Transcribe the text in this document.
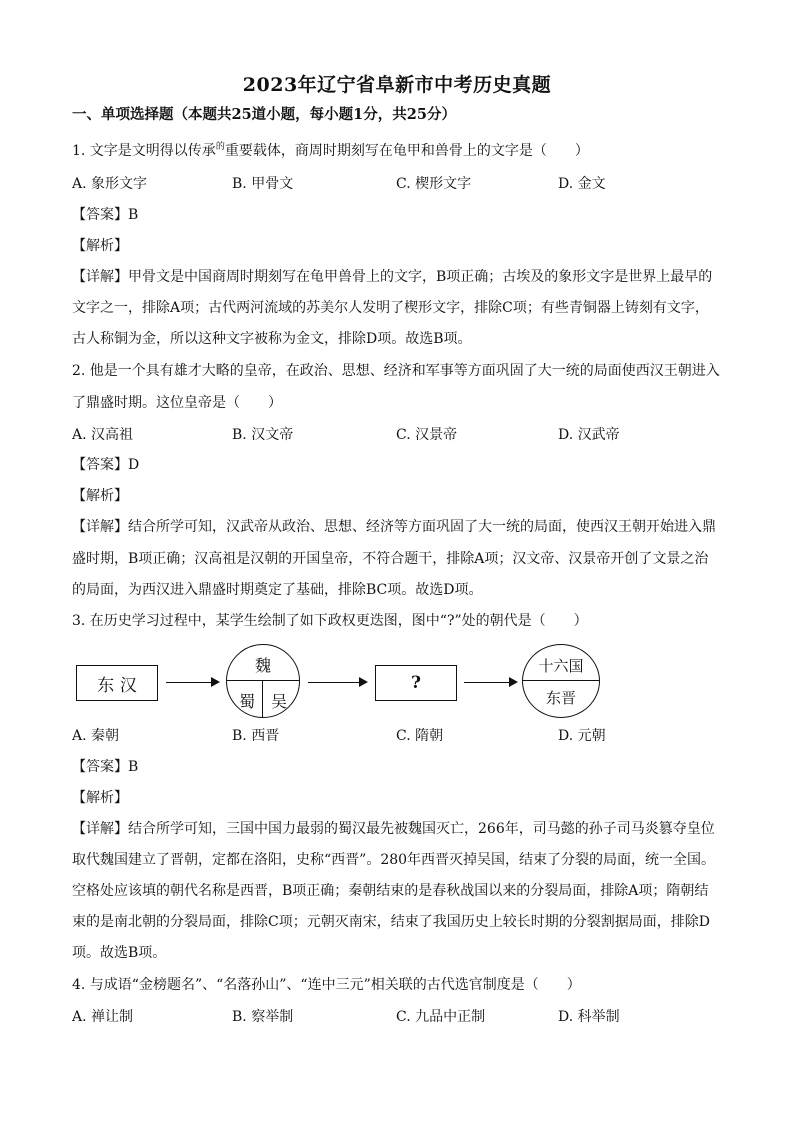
2023年辽宁省阜新市中考历史真题
一、单项选择题（本题共25道小题，每小题1分，共25分）
1. 文字是文明得以传承$^的$重要载体，商周时期刻写在龟甲和兽骨上的文字是（　　）
A. 象形文字	B. 甲骨文	C. 楔形文字	D. 金文
【答案】B
【解析】
【详解】甲骨文是中国商周时期刻写在龟甲兽骨上的文字，B项正确；古埃及的象形文字是世界上最早的
文字之一，排除A项；古代两河流域的苏美尔人发明了楔形文字，排除C项；有些青铜器上铸刻有文字，
古人称铜为金，所以这种文字被称为金文，排除D项。故选B项。
2. 他是一个具有雄才大略的皇帝，在政治、思想、经济和军事等方面巩固了大一统的局面使西汉王朝进入
了鼎盛时期。这位皇帝是（　　）
A. 汉高祖	B. 汉文帝	C. 汉景帝	D. 汉武帝
【答案】D
【解析】
【详解】结合所学可知，汉武帝从政治、思想、经济等方面巩固了大一统的局面，使西汉王朝开始进入鼎
盛时期，B项正确；汉高祖是汉朝的开国皇帝，不符合题干，排除A项；汉文帝、汉景帝开创了文景之治
的局面，为西汉进入鼎盛时期奠定了基础，排除BC项。故选D项。
3. 在历史学习过程中，某学生绘制了如下政权更迭图，图中“?”处的朝代是（　　）
东 汉
魏
蜀 吴
?
十六国
东晋
A. 秦朝	B. 西晋	C. 隋朝	D. 元朝
【答案】B
【解析】
【详解】结合所学可知，三国中国力最弱的蜀汉最先被魏国灭亡，266年，司马懿的孙子司马炎篡夺皇位
取代魏国建立了晋朝，定都在洛阳，史称“西晋”。280年西晋灭掉吴国，结束了分裂的局面，统一全国。
空格处应该填的朝代名称是西晋，B项正确；秦朝结束的是春秋战国以来的分裂局面，排除A项；隋朝结
束的是南北朝的分裂局面，排除C项；元朝灭南宋，结束了我国历史上较长时期的分裂割据局面，排除D
项。故选B项。
4. 与成语“金榜题名”、“名落孙山”、“连中三元”相关联的古代选官制度是（　　）
A. 禅让制	B. 察举制	C. 九品中正制	D. 科举制
